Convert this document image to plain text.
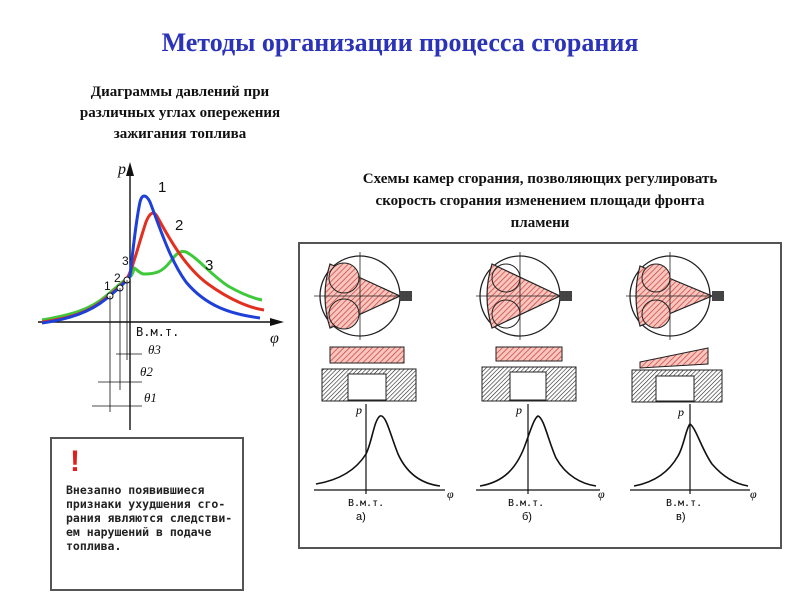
Методы организации процесса сгорания
Диаграммы давлений при
различных углах опережения
зажигания топлива
Схемы камер сгорания, позволяющих регулировать
скорость сгорания изменением площади фронта
пламени
p
φ
В.м.т.
1
2
3
1
2
3
θ3
θ2
θ1
!
Внезапно появившиеся
признаки ухудшения сго-
рания являются следстви-
ем нарушений в подаче
топлива.
p
φ
В.м.т.
а)
p
φ
В.м.т.
б)
p
φ
В.м.т.
в)
